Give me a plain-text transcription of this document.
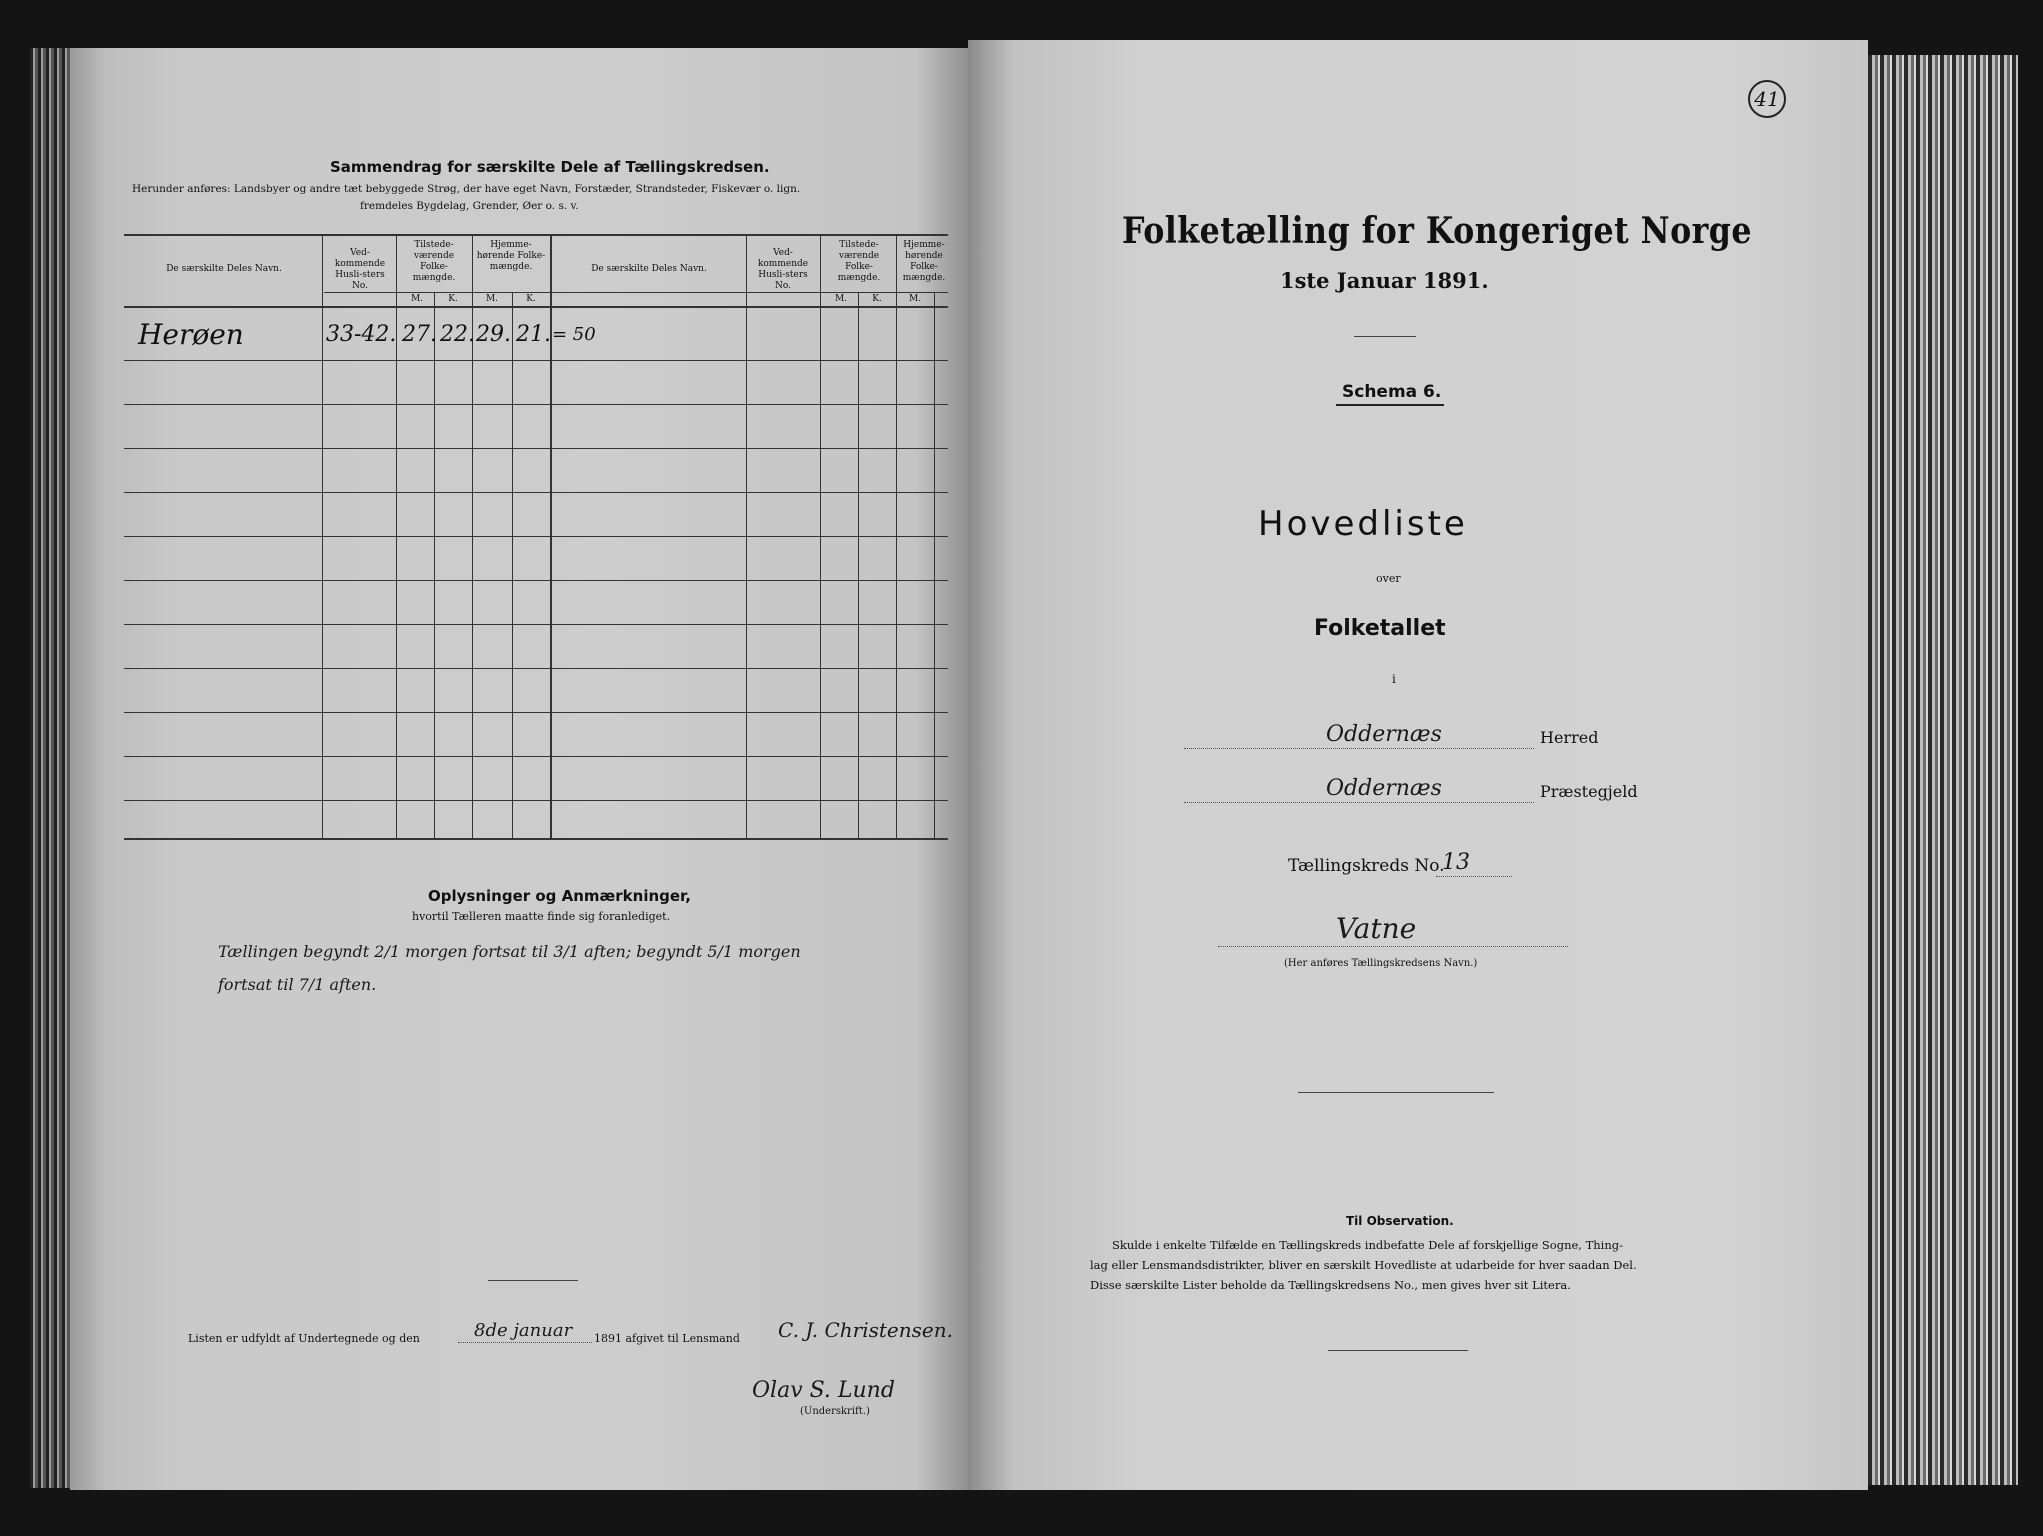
Sammendrag for særskilte Dele af Tællingskredsen.
Herunder anføres: Landsbyer og andre tæt bebyggede Strøg, der have eget Navn, Forstæder, Strandsteder, Fiskevær o. lign.
fremdeles Bygdelag, Grender, Øer o. s. v.
De særskilte Deles Navn.
Ved-kommende Husli-sters No.
Tilstede-værende Folke-mængde.
Hjemme-hørende Folke-mængde.
M.	K.	M.	K.
De særskilte Deles Navn.
Ved-kommende Husli-sters No.
Tilstede-værende Folke-mængde.
Hjemme-hørende Folke-mængde.
M.	K.	M.
Herøen	33-42. 27. 22. 29. 21. = 50
Oplysninger og Anmærkninger,
hvortil Tælleren maatte finde sig foranlediget.
Tællingen begyndt 2/1 morgen fortsat til 3/1 aften; begyndt 5/1 morgen
fortsat til 7/1 aften.
Listen er udfyldt af Undertegnede og den	8de januar 1891 afgivet til Lensmand C. J. Christensen.
Olav S. Lund
(Underskrift.)
41
Folketælling for Kongeriget Norge
1ste Januar 1891.
Schema 6.
Hovedliste
over
Folketallet
i
Oddernæs	Herred
Oddernæs	Præstegjeld
Tællingskreds No.
13
Vatne
(Her anføres Tællingskredsens Navn.)
Til Observation.
Skulde i enkelte Tilfælde en Tællingskreds indbefatte Dele af forskjellige Sogne, Thing-
lag eller Lensmandsdistrikter, bliver en særskilt Hovedliste at udarbeide for hver saadan Del.
Disse særskilte Lister beholde da Tællingskredsens No., men gives hver sit Litera.
